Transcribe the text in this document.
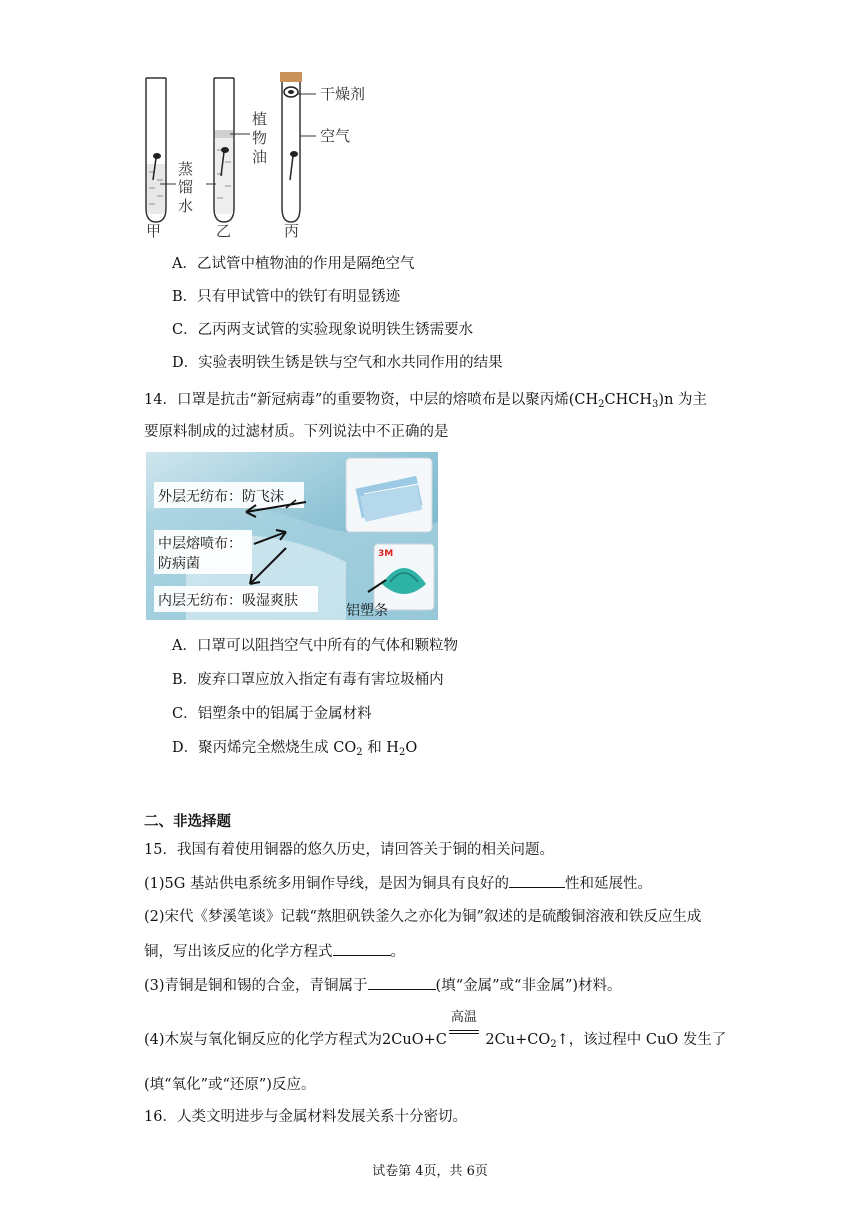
蒸
馏
水
甲
植
物
油
乙
干燥剂
空气
丙
A．乙试管中植物油的作用是隔绝空气
B．只有甲试管中的铁钉有明显锈迹
C．乙丙两支试管的实验现象说明铁生锈需要水
D．实验表明铁生锈是铁与空气和水共同作用的结果
14．口罩是抗击“新冠病毒”的重要物资，中层的熔喷布是以聚丙烯$(CH_2CHCH_3)n$ 为主
要原料制成的过滤材质。下列说法中不正确的是
3M
外层无纺布：防飞沫
中层熔喷布：
防病菌
内层无纺布：吸湿爽肤
铝塑条
A．口罩可以阻挡空气中所有的气体和颗粒物
B．废弃口罩应放入指定有毒有害垃圾桶内
C．铝塑条中的铝属于金属材料
D．聚丙烯完全燃烧生成 $CO_2$ 和 $H_2O$
二、非选择题
15．我国有着使用铜器的悠久历史，请回答关于铜的相关问题。
(1)5G 基站供电系统多用铜作导线，是因为铜具有良好的	性和延展性。
(2)宋代《梦溪笔谈》记载“熬胆矾铁釜久之亦化为铜”叙述的是硫酸铜溶液和铁反应生成
铜，写出该反应的化学方程式	。
(3)青铜是铜和锡的合金，青铜属于	(填“金属”或“非金属”)材料。
(4)木炭与氧化铜反应的化学方程式为2CuO+C
高温
$2Cu+CO_2↑$，该过程中 CuO 发生了
(填“氧化”或“还原”)反应。
16．人类文明进步与金属材料发展关系十分密切。
试卷第 4页，共 6页
